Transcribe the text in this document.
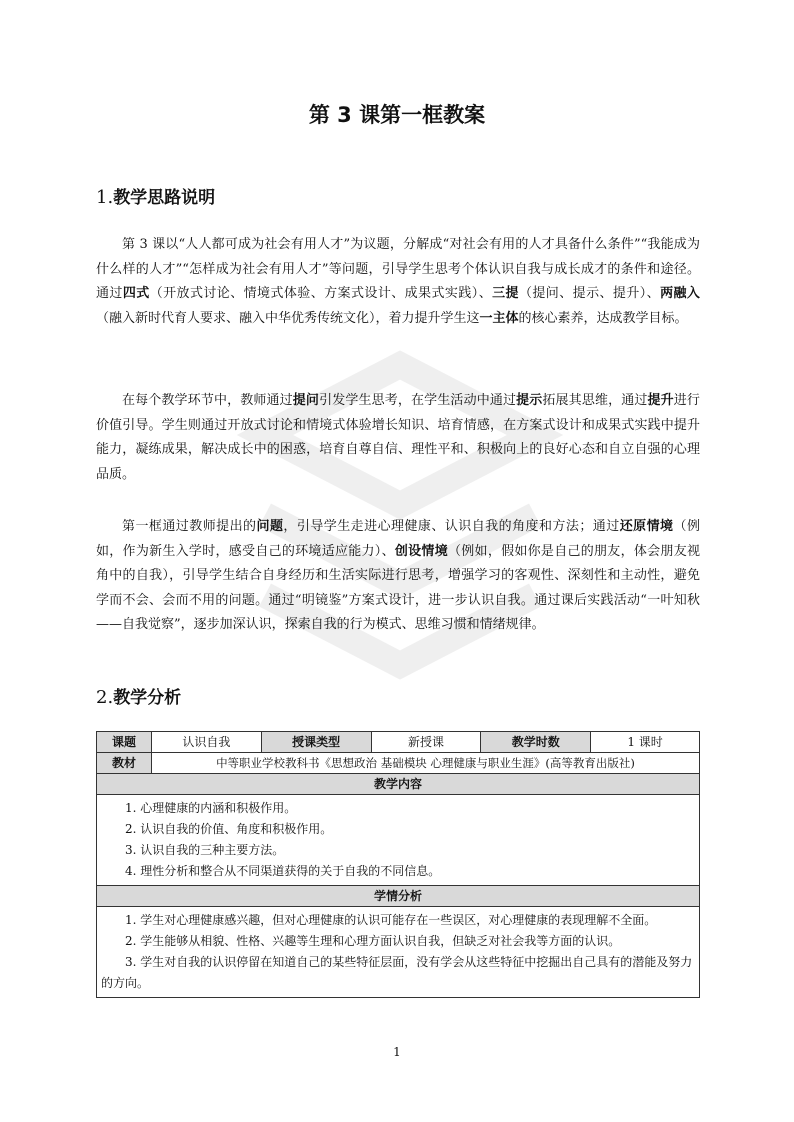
第 3 课第一框教案
1.教学思路说明

第 3 课以“人人都可成为社会有用人才”为议题，分解成“对社会有用的人才具备什么条件”“我能成为什么样的人才”“怎样成为社会有用人才”等问题，引导学生思考个体认识自我与成长成才的条件和途径。通过四式（开放式讨论、情境式体验、方案式设计、成果式实践）、三提（提问、提示、提升）、两融入（融入新时代育人要求、融入中华优秀传统文化），着力提升学生这一主体的核心素养，达成教学目标。

在每个教学环节中，教师通过提问引发学生思考，在学生活动中通过提示拓展其思维，通过提升进行价值引导。学生则通过开放式讨论和情境式体验增长知识、培育情感，在方案式设计和成果式实践中提升能力，凝练成果，解决成长中的困惑，培育自尊自信、理性平和、积极向上的良好心态和自立自强的心理品质。

第一框通过教师提出的问题，引导学生走进心理健康、认识自我的角度和方法；通过还原情境（例如，作为新生入学时，感受自己的环境适应能力）、创设情境（例如，假如你是自己的朋友，体会朋友视角中的自我），引导学生结合自身经历和生活实际进行思考，增强学习的客观性、深刻性和主动性，避免学而不会、会而不用的问题。通过“明镜鉴”方案式设计，进一步认识自我。通过课后实践活动“一叶知秋——自我觉察”，逐步加深认识，探索自我的行为模式、思维习惯和情绪规律。

2.教学分析
课题	认识自我	授课类型	新授课	教学时数	1 课时
教材	中等职业学校教科书《思想政治 基础模块 心理健康与职业生涯》(高等教育出版社)				
教学内容					

1. 心理健康的内涵和积极作用。

2. 认识自我的价值、角度和积极作用。

3. 认识自我的三种主要方法。

4. 理性分析和整合从不同渠道获得的关于自我的不同信息。					

学情分析					

1. 学生对心理健康感兴趣，但对心理健康的认识可能存在一些误区，对心理健康的表现理解不全面。

2. 学生能够从相貌、性格、兴趣等生理和心理方面认识自我，但缺乏对社会我等方面的认识。

3. 学生对自我的认识停留在知道自己的某些特征层面，没有学会从这些特征中挖掘出自己具有的潜能及努力的方向。					

1
